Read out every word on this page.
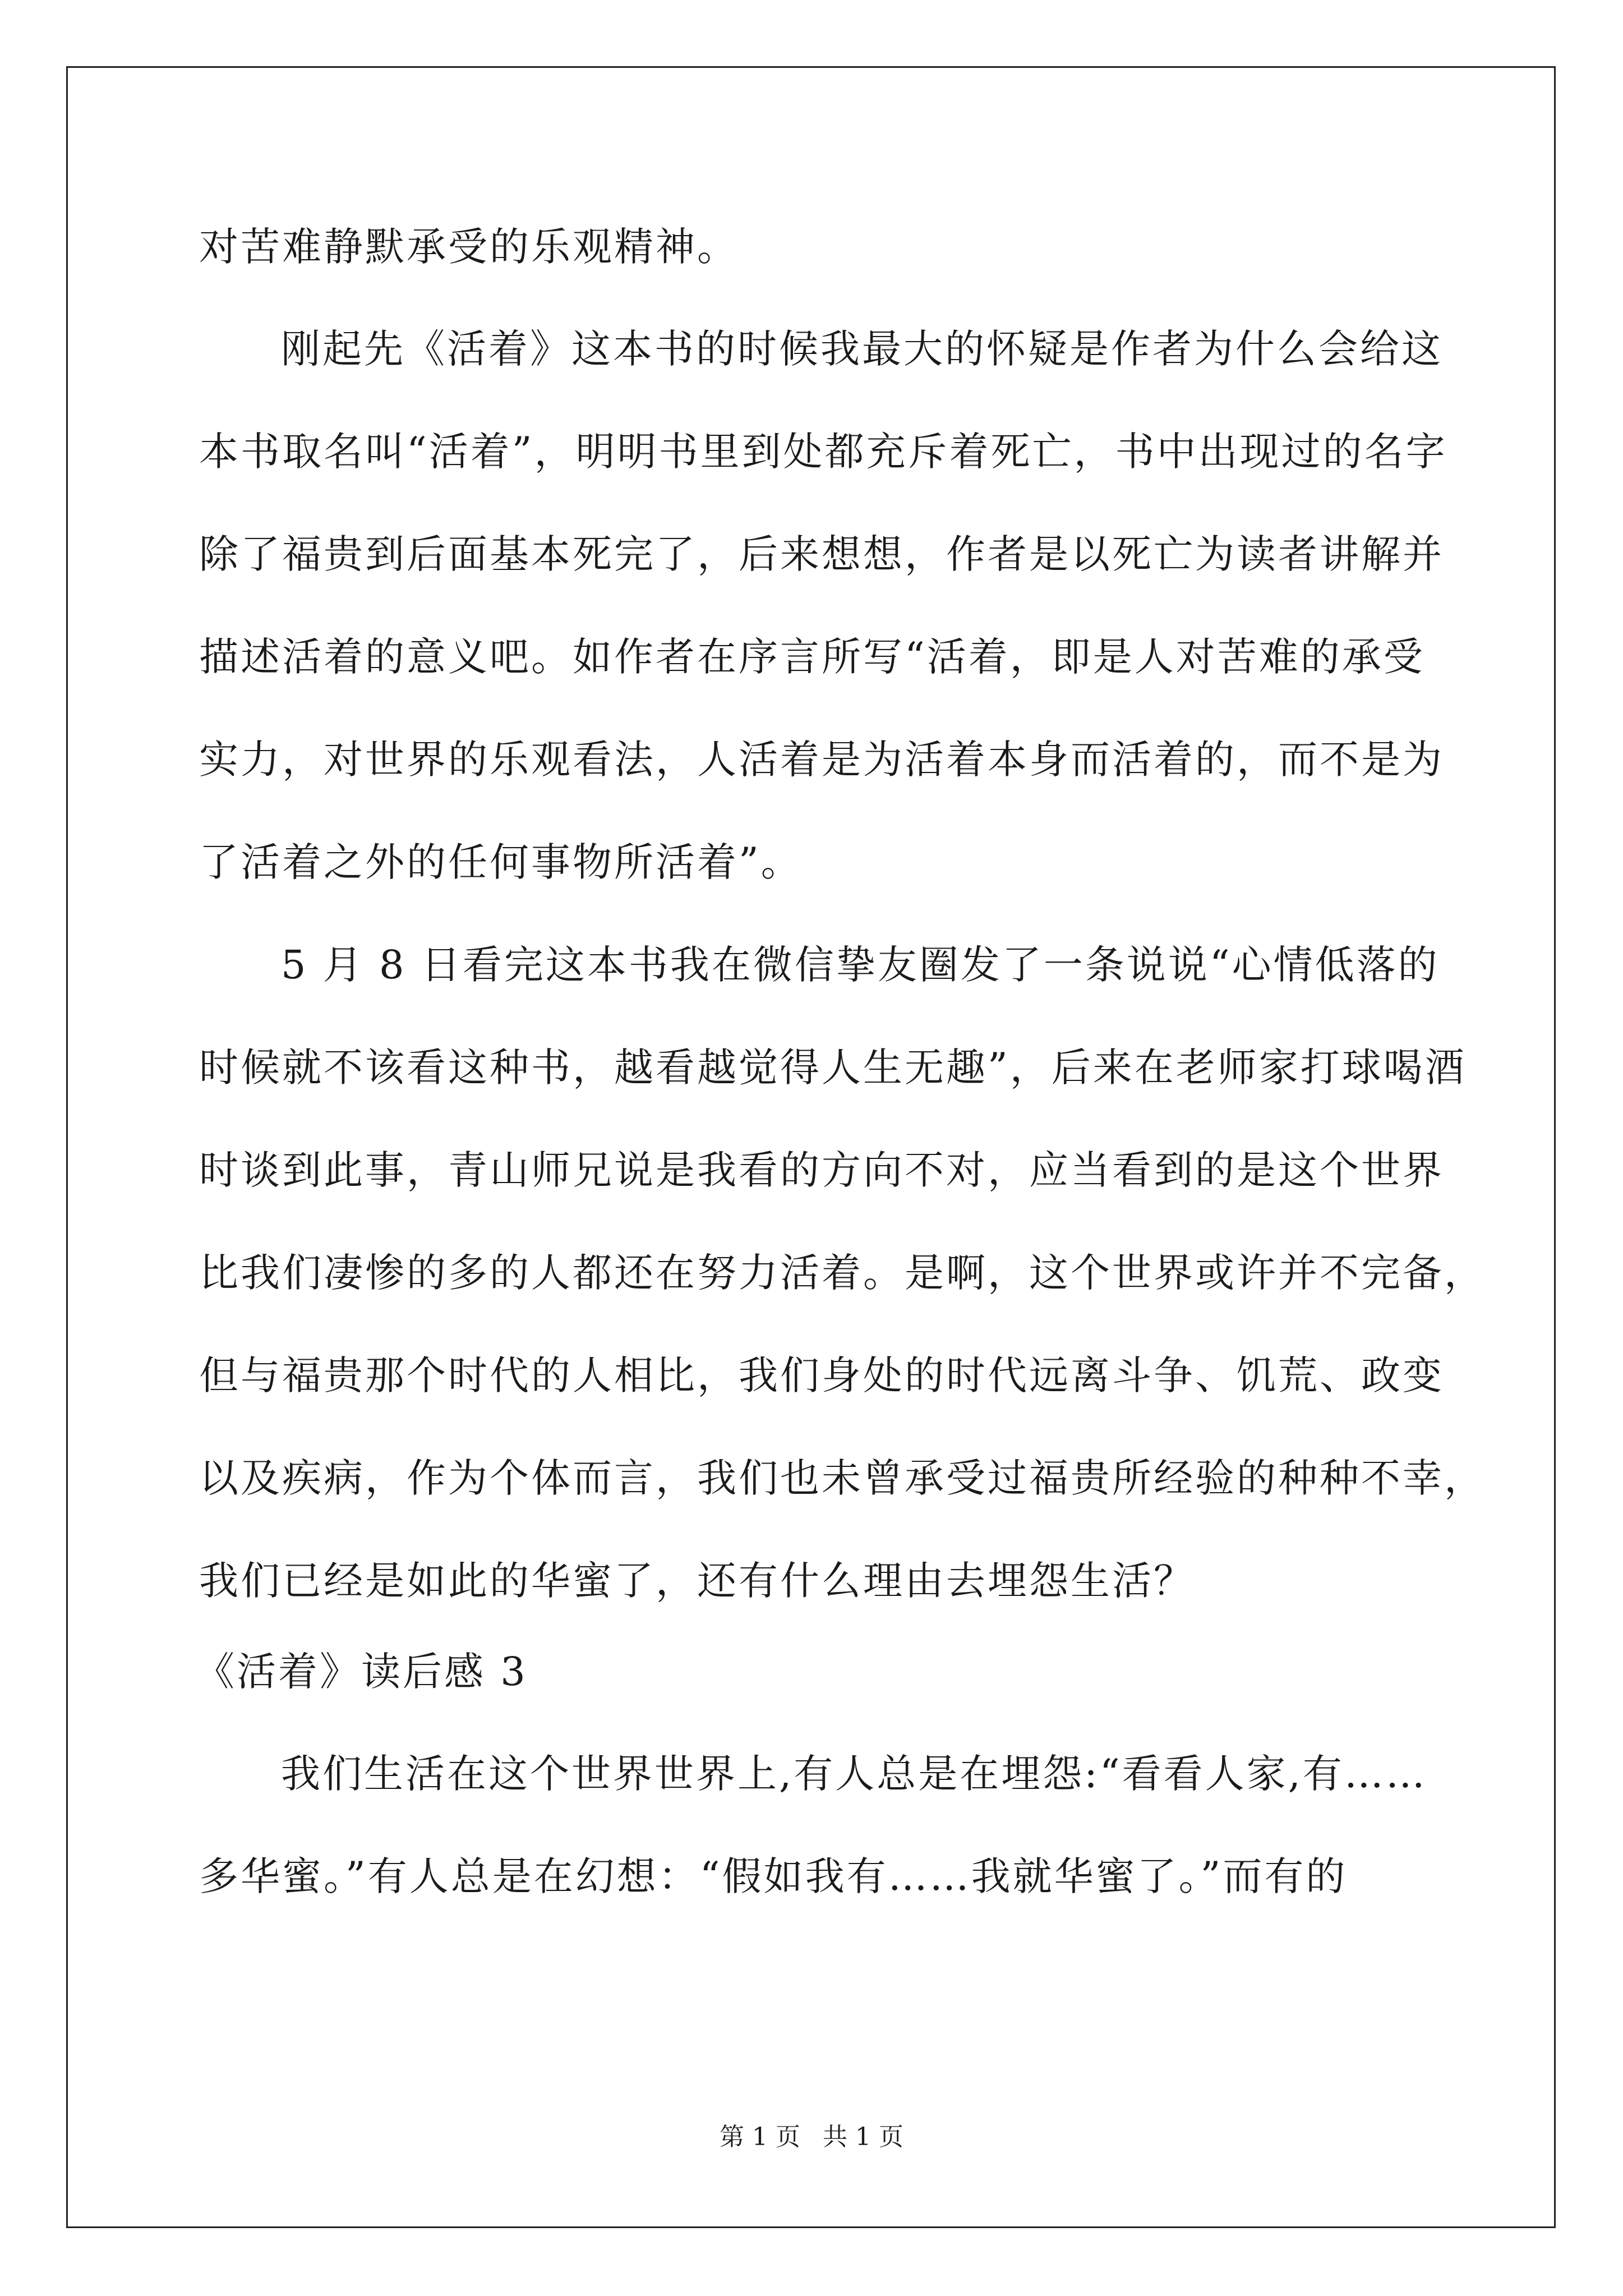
对苦难静默承受的乐观精神。
刚起先《活着》这本书的时候我最大的怀疑是作者为什么会给这
本书取名叫“活着”，明明书里到处都充斥着死亡，书中出现过的名字
除了福贵到后面基本死完了，后来想想，作者是以死亡为读者讲解并
描述活着的意义吧。如作者在序言所写“活着，即是人对苦难的承受
实力，对世界的乐观看法，人活着是为活着本身而活着的，而不是为
了活着之外的任何事物所活着”。
5 月 8 日看完这本书我在微信挚友圈发了一条说说“心情低落的
时候就不该看这种书，越看越觉得人生无趣”，后来在老师家打球喝酒
时谈到此事，青山师兄说是我看的方向不对，应当看到的是这个世界
比我们凄惨的多的人都还在努力活着。是啊，这个世界或许并不完备，
但与福贵那个时代的人相比，我们身处的时代远离斗争、饥荒、政变
以及疾病，作为个体而言，我们也未曾承受过福贵所经验的种种不幸，
我们已经是如此的华蜜了，还有什么理由去埋怨生活？
《活着》读后感 3
我们生活在这个世界世界上,有人总是在埋怨:“看看人家,有……
多华蜜。”有人总是在幻想：“假如我有……我就华蜜了。”而有的
第 1 页 共 1 页
